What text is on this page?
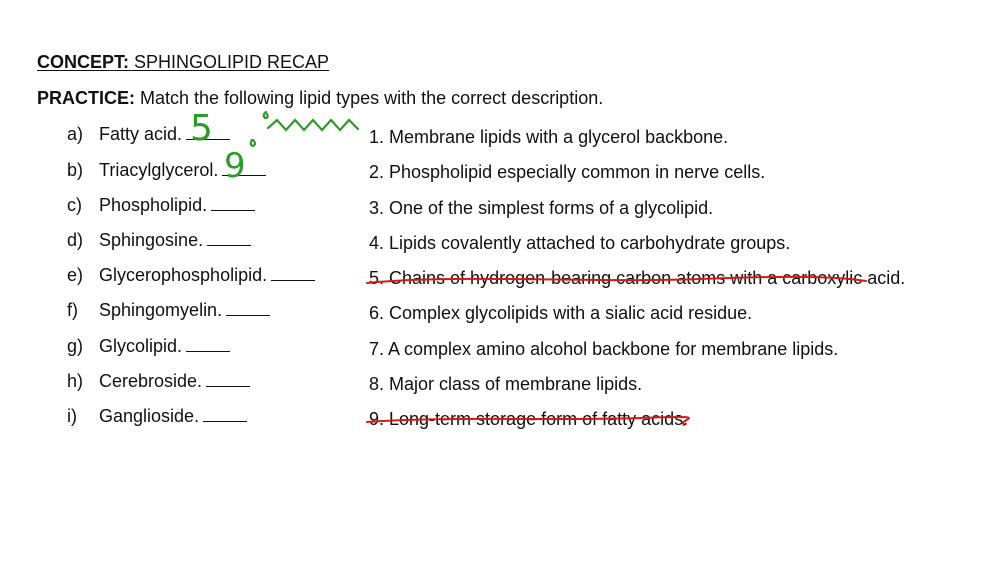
CONCEPT: SPHINGOLIPID RECAP
PRACTICE: Match the following lipid types with the correct description.
a) Fatty acid.
b) Triacylglycerol.
c) Phospholipid.
d) Sphingosine.
e) Glycerophospholipid.
f) Sphingomyelin.
g) Glycolipid.
h) Cerebroside.
i) Ganglioside.
1. Membrane lipids with a glycerol backbone.
2. Phospholipid especially common in nerve cells.
3. One of the simplest forms of a glycolipid.
4. Lipids covalently attached to carbohydrate groups.
5. Chains of hydrogen-bearing carbon atoms with a carboxylic acid.
6. Complex glycolipids with a sialic acid residue.
7. A complex amino alcohol backbone for membrane lipids.
8. Major class of membrane lipids.
9. Long-term storage form of fatty acids.
5
9
